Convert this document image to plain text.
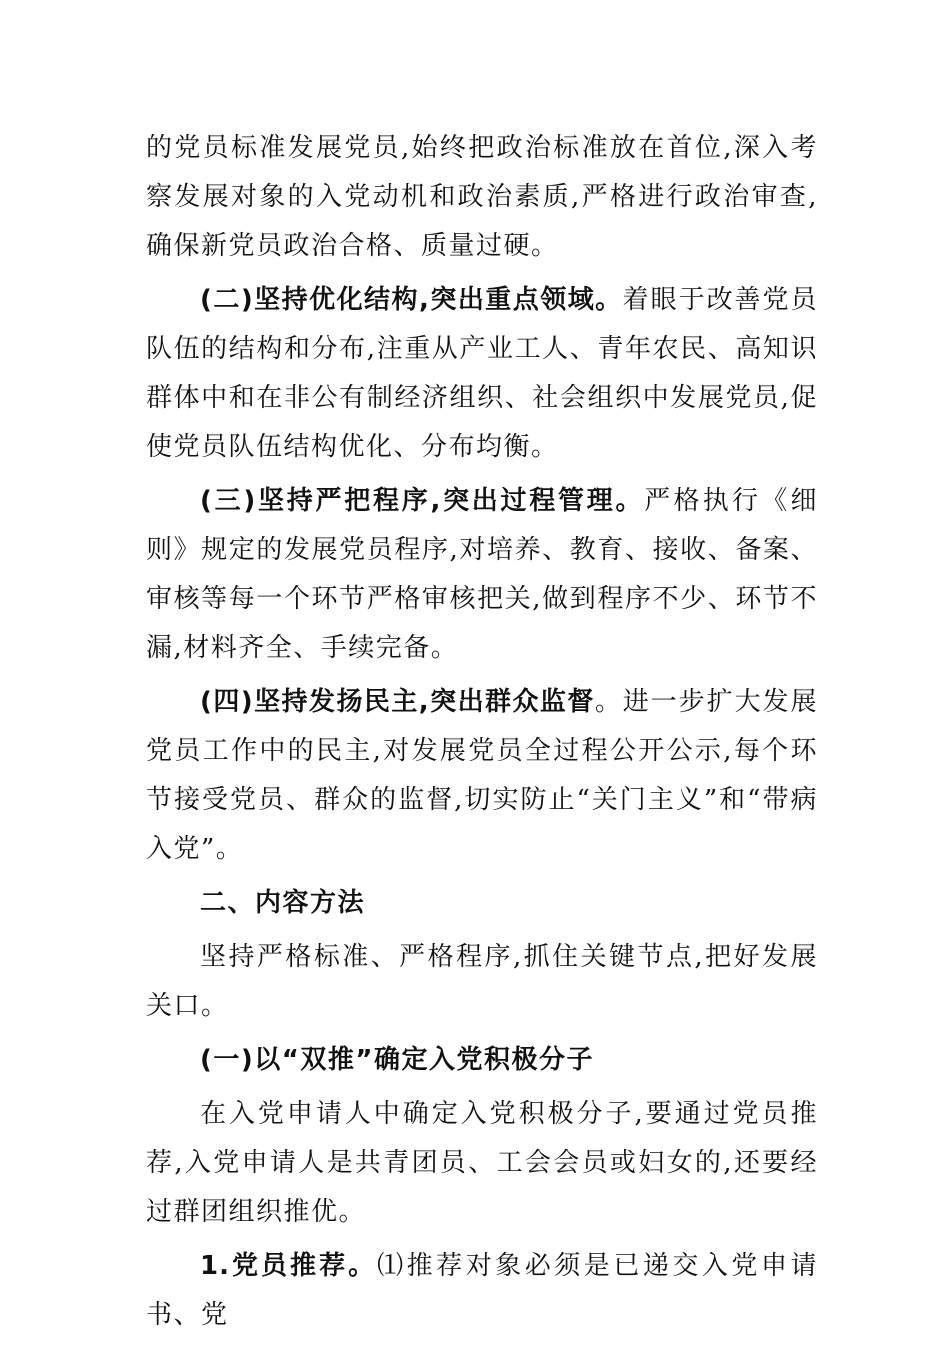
的党员标准发展党员,始终把政治标准放在首位,深入考察发展对象的入党动机和政治素质,严格进行政治审查,确保新党员政治合格、质量过硬。

(二)坚持优化结构,突出重点领域。着眼于改善党员队伍的结构和分布,注重从产业工人、青年农民、高知识群体中和在非公有制经济组织、社会组织中发展党员,促使党员队伍结构优化、分布均衡。

(三)坚持严把程序,突出过程管理。严格执行《细则》规定的发展党员程序,对培养、教育、接收、备案、审核等每一个环节严格审核把关,做到程序不少、环节不漏,材料齐全、手续完备。

(四)坚持发扬民主,突出群众监督。进一步扩大发展党员工作中的民主,对发展党员全过程公开公示,每个环节接受党员、群众的监督,切实防止“关门主义”和“带病入党”。

二、内容方法

坚持严格标准、严格程序,抓住关键节点,把好发展关口。

(一)以“双推”确定入党积极分子

在入党申请人中确定入党积极分子,要通过党员推荐,入党申请人是共青团员、工会会员或妇女的,还要经过群团组织推优。

1.党员推荐。⑴推荐对象必须是已递交入党申请书、党
